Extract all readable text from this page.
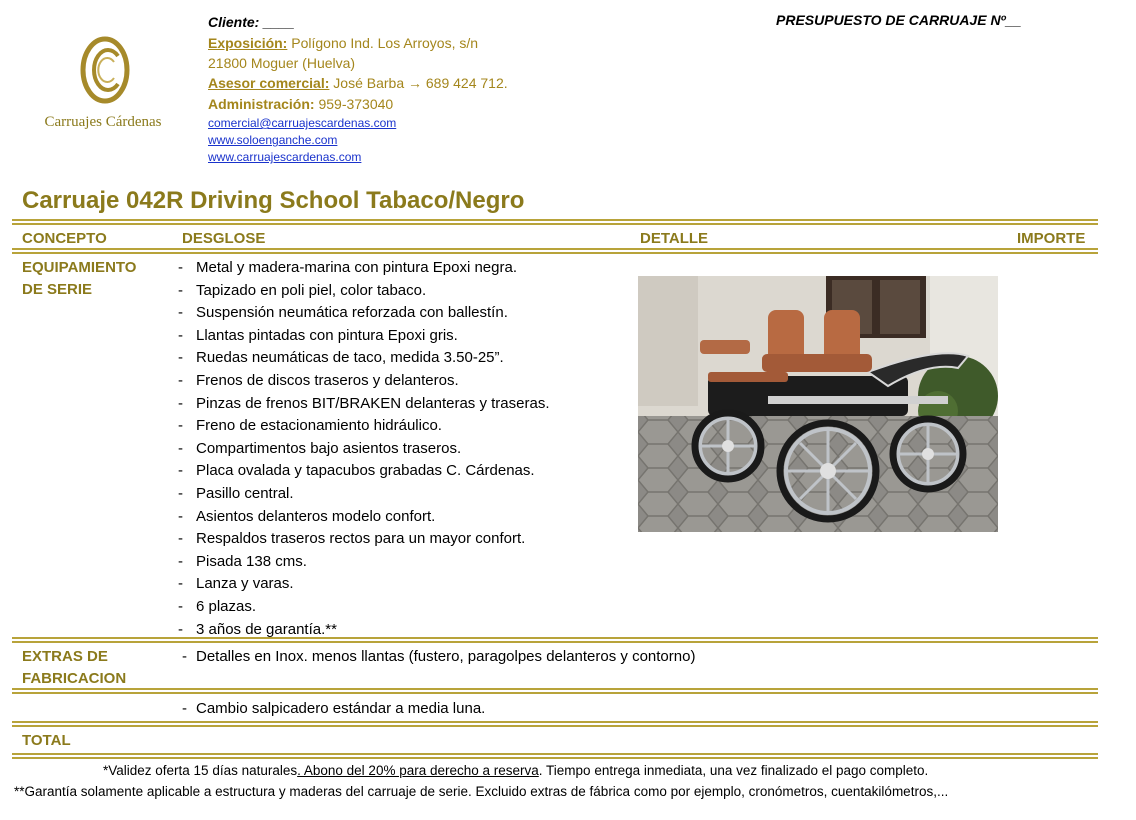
Carruajes Cárdenas
Cliente: ____	PRESUPUESTO DE CARRUAJE Nº__
Exposición: Polígono Ind. Los Arroyos, s/n
21800 Moguer (Huelva)
Asesor comercial: José Barba → 689 424 712.
Administración: 959-373040
comercial@carruajescardenas.com
www.soloenganche.com
www.carruajescardenas.com
Carruaje 042R Driving School Tabaco/Negro
CONCEPTO	DESGLOSE	DETALLE	IMPORTE
EQUIPAMIENTO
DE SERIE
- Metal y madera-marina con pintura Epoxi negra.
- Tapizado en poli piel, color tabaco.
- Suspensión neumática reforzada con ballestín.
- Llantas pintadas con pintura Epoxi gris.
- Ruedas neumáticas de taco, medida 3.50-25”.
- Frenos de discos traseros y delanteros.
- Pinzas de frenos BIT/BRAKEN delanteras y traseras.
- Freno de estacionamiento hidráulico.
- Compartimentos bajo asientos traseros.
- Placa ovalada y tapacubos grabadas C. Cárdenas.
- Pasillo central.
- Asientos delanteros modelo confort.
- Respaldos traseros rectos para un mayor confort.
- Pisada 138 cms.
- Lanza y varas.
- 6 plazas.
- 3 años de garantía.**
EXTRAS DE
FABRICACION
- Detalles en Inox. menos llantas (fustero, paragolpes delanteros y contorno)
- Cambio salpicadero estándar a media luna.
TOTAL
*Validez oferta 15 días naturales. Abono del 20% para derecho a reserva. Tiempo entrega inmediata, una vez finalizado el pago completo.
**Garantía solamente aplicable a estructura y maderas del carruaje de serie. Excluido extras de fábrica como por ejemplo, cronómetros, cuentakilómetros,...
